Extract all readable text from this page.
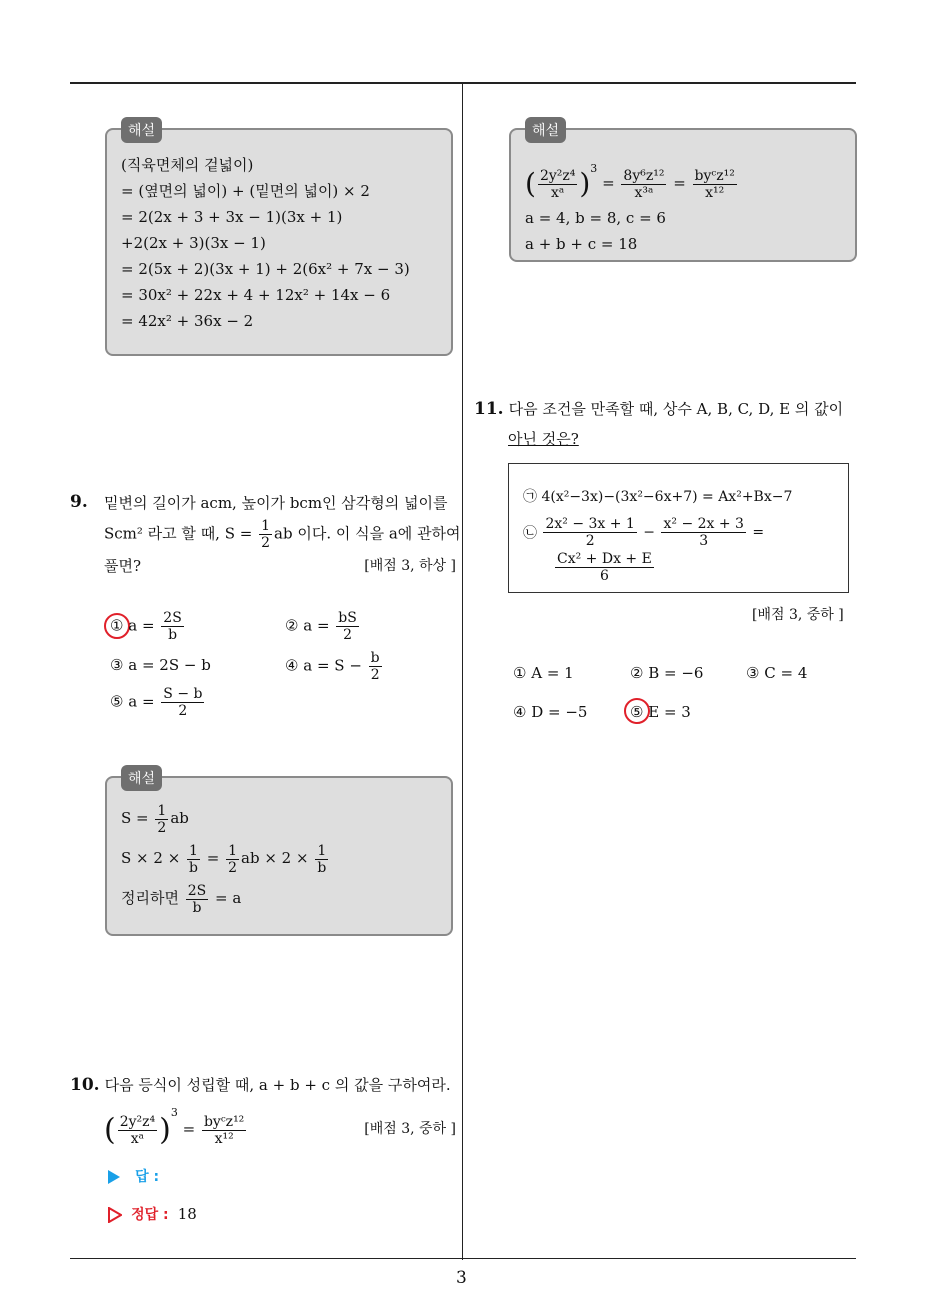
3
해설
(직육면체의 겉넓이)
= (옆면의 넓이) + (밑면의 넓이) × 2
= 2(2x + 3 + 3x − 1)(3x + 1)
+2(2x + 3)(3x − 1)
= 2(5x + 2)(3x + 1) + 2(6x² + 7x − 3)
= 30x² + 22x + 4 + 12x² + 14x − 6
= 42x² + 36x − 2
9. 밑변의 길이가 acm, 높이가 bcm인 삼각형의 넓이를
Scm² 라고 할 때, $S = \frac{1}{2}$ ab 이다. 이 식을 a에 관하여
풀면?	[배점 3, 하상 ]
① $a = \frac{2S}{b}$	② $a = \frac{bS}{2}$
③ a = 2S − b	④ $a = S - \frac{b}{2}$
⑤ $a = \frac{S - b}{2}$
해설
$S = \frac{1}{2}$ ab
$S \times 2 \times \frac{1}{b} = \frac{1}{2}$ ab × $2 \times \frac{1}{b}$
정리하면 $\frac{2S}{b} = a$
10. 다음 등식이 성립할 때, a + b + c 의 값을 구하여라.
( $\frac{\text{2y²z⁴}}{\text{xᵃ}} )^3 = \frac{\text{byᶜz¹²}}{\text{x¹²}}$	[배점 3, 중하 ]
답 :
정답 : 18
해설
( $\frac{\text{2y²z⁴}}{\text{xᵃ}} )^3 = \frac{\text{8y⁶z¹²}}{\text{x³ᵃ}} = \frac{\text{byᶜz¹²}}{\text{x¹²}}$
a = 4, b = 8, c = 6
a + b + c = 18
11. 다음 조건을 만족할 때, 상수 A, B, C, D, E 의 값이
아닌 것은?
㉠ 4(x²−3x)−(3x²−6x+7) = Ax²+Bx−7
㉡ $\frac{\text{2x² − 3x + 1}}{2} - \frac{\text{x² − 2x + 3}}{3}$ =
$\frac{\text{Cx² + Dx + E}}{6}$
[배점 3, 중하 ]
① A = 1	② B = −6	③ C = 4
④ D = −5	⑤ E = 3
